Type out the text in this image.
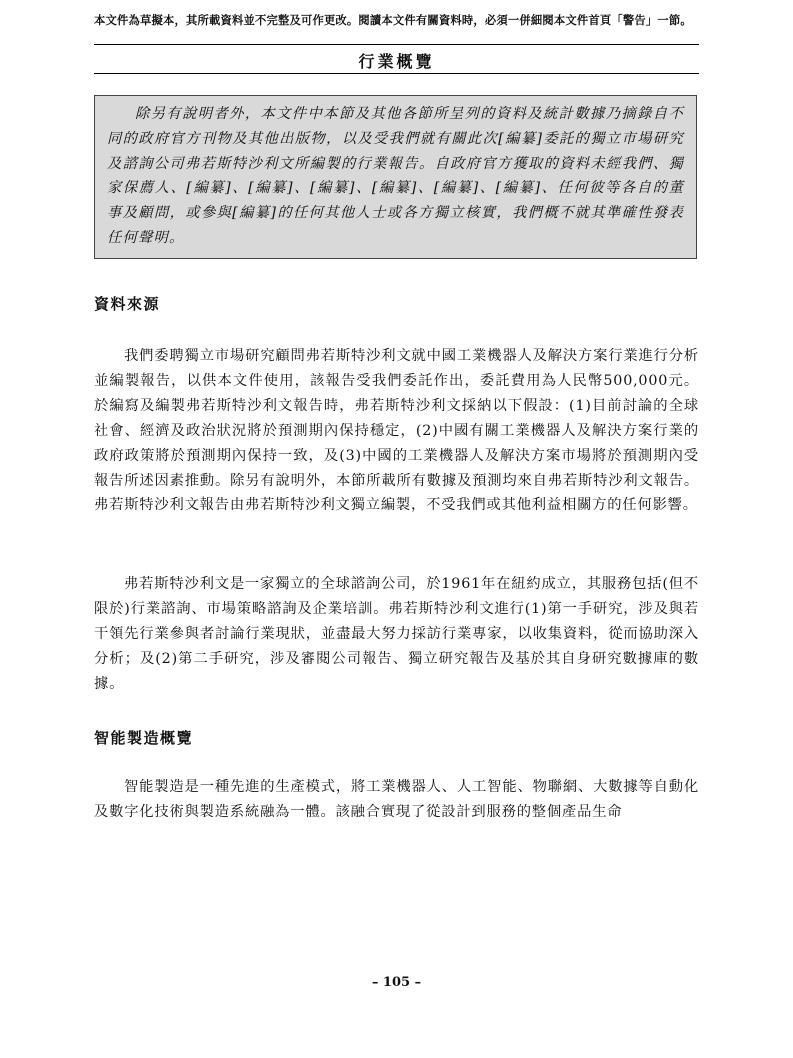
本文件為草擬本，其所載資料並不完整及可作更改。閱讀本文件有關資料時，必須一併細閱本文件首頁「警告」一節。
行業概覽

除另有說明者外，本文件中本節及其他各節所呈列的資料及統計數據乃摘錄自不同的政府官方刊物及其他出版物，以及受我們就有關此次[編纂]委託的獨立市場研究及諮詢公司弗若斯特沙利文所編製的行業報告。自政府官方獲取的資料未經我們、獨家保薦人、[編纂]、[編纂]、[編纂]、[編纂]、[編纂]、[編纂]、任何彼等各自的董事及顧問，或參與[編纂]的任何其他人士或各方獨立核實，我們概不就其準確性發表任何聲明。

資料來源

我們委聘獨立市場研究顧問弗若斯特沙利文就中國工業機器人及解決方案行業進行分析並編製報告，以供本文件使用，該報告受我們委託作出，委託費用為人民幣500,000元。於編寫及編製弗若斯特沙利文報告時，弗若斯特沙利文採納以下假設：(1)目前討論的全球社會、經濟及政治狀況將於預測期內保持穩定，(2)中國有關工業機器人及解決方案行業的政府政策將於預測期內保持一致，及(3)中國的工業機器人及解決方案市場將於預測期內受報告所述因素推動。除另有說明外，本節所載所有數據及預測均來自弗若斯特沙利文報告。弗若斯特沙利文報告由弗若斯特沙利文獨立編製，不受我們或其他利益相關方的任何影響。

弗若斯特沙利文是一家獨立的全球諮詢公司，於1961年在紐約成立，其服務包括(但不限於)行業諮詢、市場策略諮詢及企業培訓。弗若斯特沙利文進行(1)第一手研究，涉及與若干領先行業參與者討論行業現狀，並盡最大努力採訪行業專家，以收集資料，從而協助深入分析；及(2)第二手研究，涉及審閱公司報告、獨立研究報告及基於其自身研究數據庫的數據。

智能製造概覽

智能製造是一種先進的生產模式，將工業機器人、人工智能、物聯網、大數據等自動化及數字化技術與製造系統融為一體。該融合實現了從設計到服務的整個產品生命

– 105 –
